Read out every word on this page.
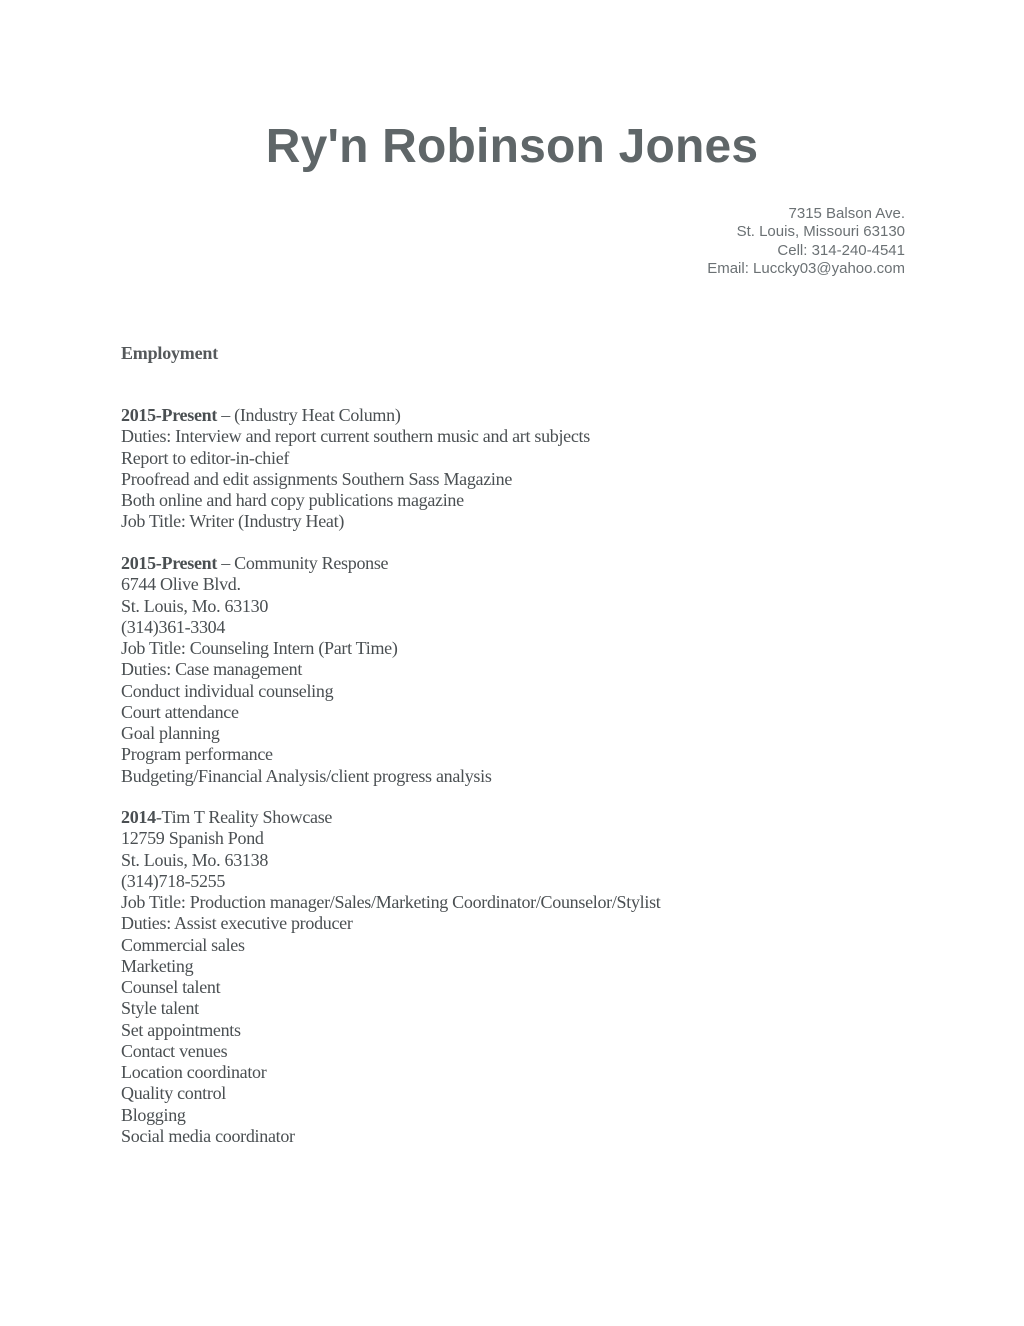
Ry'n Robinson Jones
7315 Balson Ave.
St. Louis, Missouri 63130
Cell: 314-240-4541
Email: Luccky03@yahoo.com
Employment
2015-Present – (Industry Heat Column)
Duties: Interview and report current southern music and art subjects
Report to editor-in-chief
Proofread and edit assignments Southern Sass Magazine
Both online and hard copy publications magazine
Job Title: Writer (Industry Heat)
2015-Present – Community Response
6744 Olive Blvd.
St. Louis, Mo. 63130
(314)361-3304
Job Title: Counseling Intern (Part Time)
Duties: Case management
Conduct individual counseling
Court attendance
Goal planning
Program performance
Budgeting/Financial Analysis/client progress analysis
2014-Tim T Reality Showcase
12759 Spanish Pond
St. Louis, Mo. 63138
(314)718-5255
Job Title: Production manager/Sales/Marketing Coordinator/Counselor/Stylist
Duties: Assist executive producer
Commercial sales
Marketing
Counsel talent
Style talent
Set appointments
Contact venues
Location coordinator
Quality control
Blogging
Social media coordinator
